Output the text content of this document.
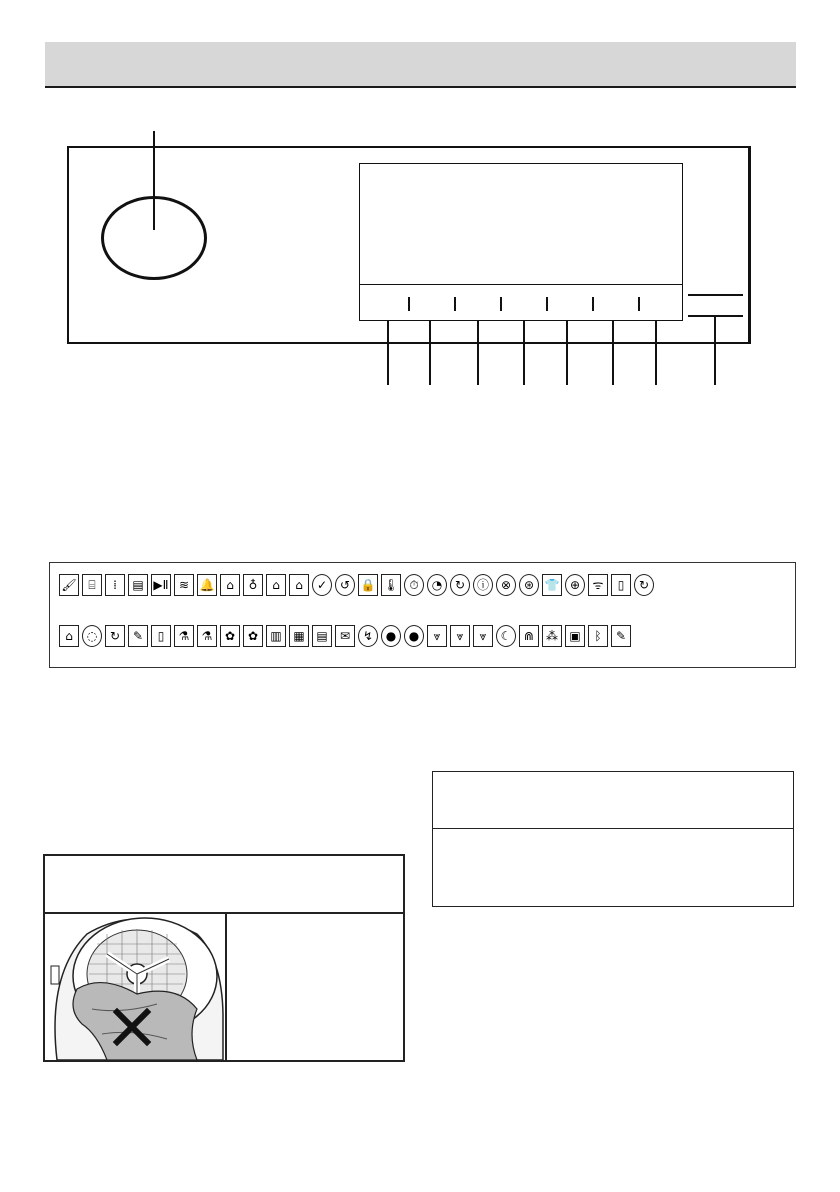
🖌 ⌸	⁞	▤ ▶Ⅱ ≋ 🔔 ⌂	♁	⌂	⌂	✓	↺ 🔒 🌡 ⏱	◔	↻ ⓘ ⊗	⊛ 👕 ⊕	ᯤ	▯	↻
⌂	◌	↻	✎	▯	⚗	⚗	✿	✿	▥ ▦ ▤	✉	↯	●	●	⩔	⩔	⩔	☾	⋒ ⁂ ▣	ᛒ	✎
